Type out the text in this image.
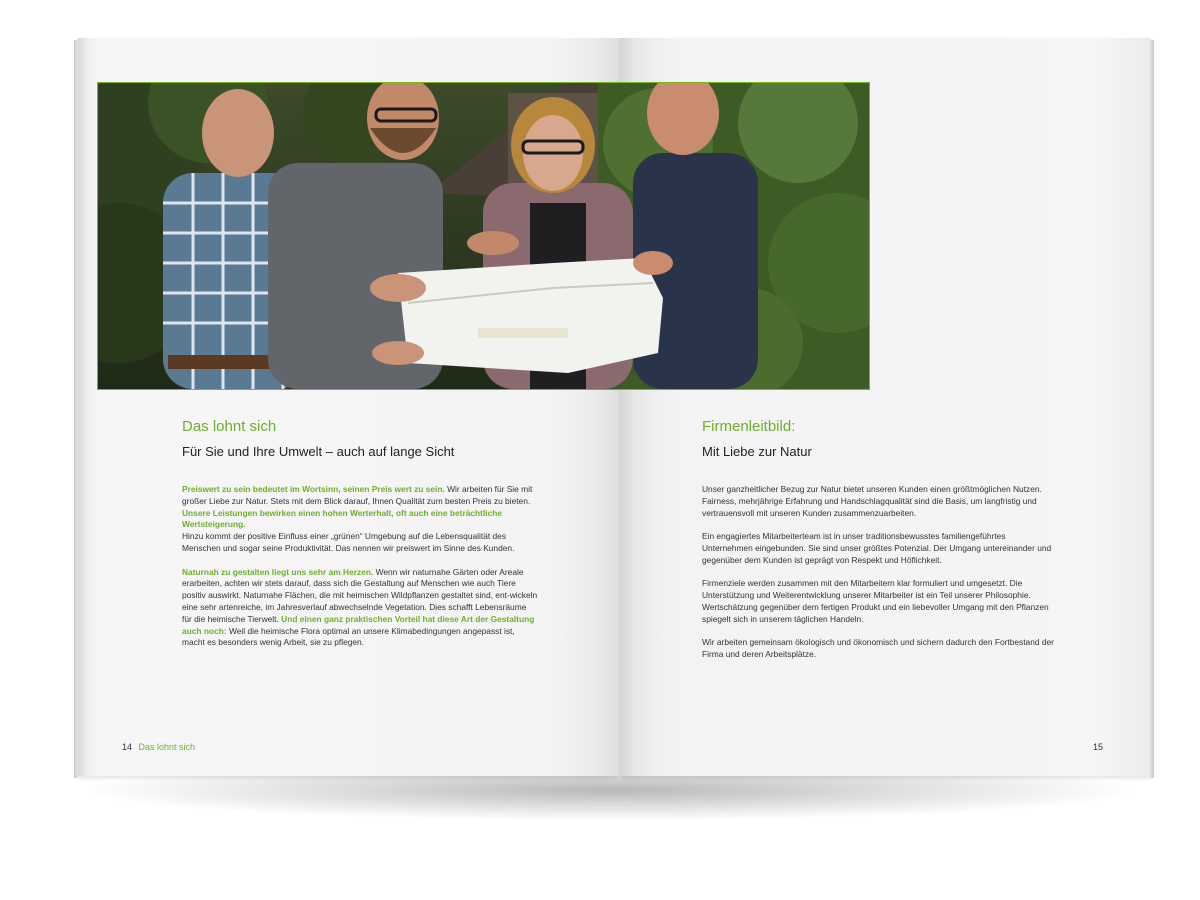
Das lohnt sich
Für Sie und Ihre Umwelt – auch auf lange Sicht

Preiswert zu sein bedeutet im Wortsinn, seinen Preis wert zu sein. Wir arbeiten für Sie mit großer Liebe zur Natur. Stets mit dem Blick darauf, Ihnen Qualität zum besten Preis zu bieten. Unsere Leistungen bewirken einen hohen Werterhalt, oft auch eine beträchtliche Wertsteigerung.
Hinzu kommt der positive Einfluss einer „grünen“ Umgebung auf die Lebensqualität des Menschen und sogar seine Produktivität. Das nennen wir preiswert im Sinne des Kunden.

Naturnah zu gestalten liegt uns sehr am Herzen. Wenn wir naturnahe Gärten oder Areale erarbeiten, achten wir stets darauf, dass sich die Gestaltung auf Menschen wie auch Tiere positiv auswirkt. Naturnahe Flächen, die mit heimischen Wildpflanzen gestaltet sind, ent-wickeln eine sehr artenreiche, im Jahresverlauf abwechselnde Vegetation. Dies schafft Lebensräume für die heimische Tierwelt. Und einen ganz praktischen Vorteil hat diese Art der Gestaltung auch noch: Weil die heimische Flora optimal an unsere Klimabedingungen angepasst ist, macht es besonders wenig Arbeit, sie zu pflegen.

14 Das lohnt sich
Firmenleitbild:
Mit Liebe zur Natur

Unser ganzheitlicher Bezug zur Natur bietet unseren Kunden einen größtmöglichen Nutzen. Fairness, mehrjährige Erfahrung und Handschlagqualität sind die Basis, um langfristig und vertrauensvoll mit unseren Kunden zusammenzuarbeiten.

Ein engagiertes Mitarbeiterteam ist in unser traditionsbewusstes familiengeführtes Unternehmen eingebunden. Sie sind unser größtes Potenzial. Der Umgang untereinander und gegenüber dem Kunden ist geprägt von Respekt und Höflichkeit.

Firmenziele werden zusammen mit den Mitarbeitern klar formuliert und umgesetzt. Die Unterstützung und Weiterentwicklung unserer Mitarbeiter ist ein Teil unserer Philosophie. Wertschätzung gegenüber dem fertigen Produkt und ein liebevoller Umgang mit den Pflanzen spiegelt sich in unserem täglichen Handeln.

Wir arbeiten gemeinsam ökologisch und ökonomisch und sichern dadurch den Fortbestand der Firma und deren Arbeitsplätze.

15
